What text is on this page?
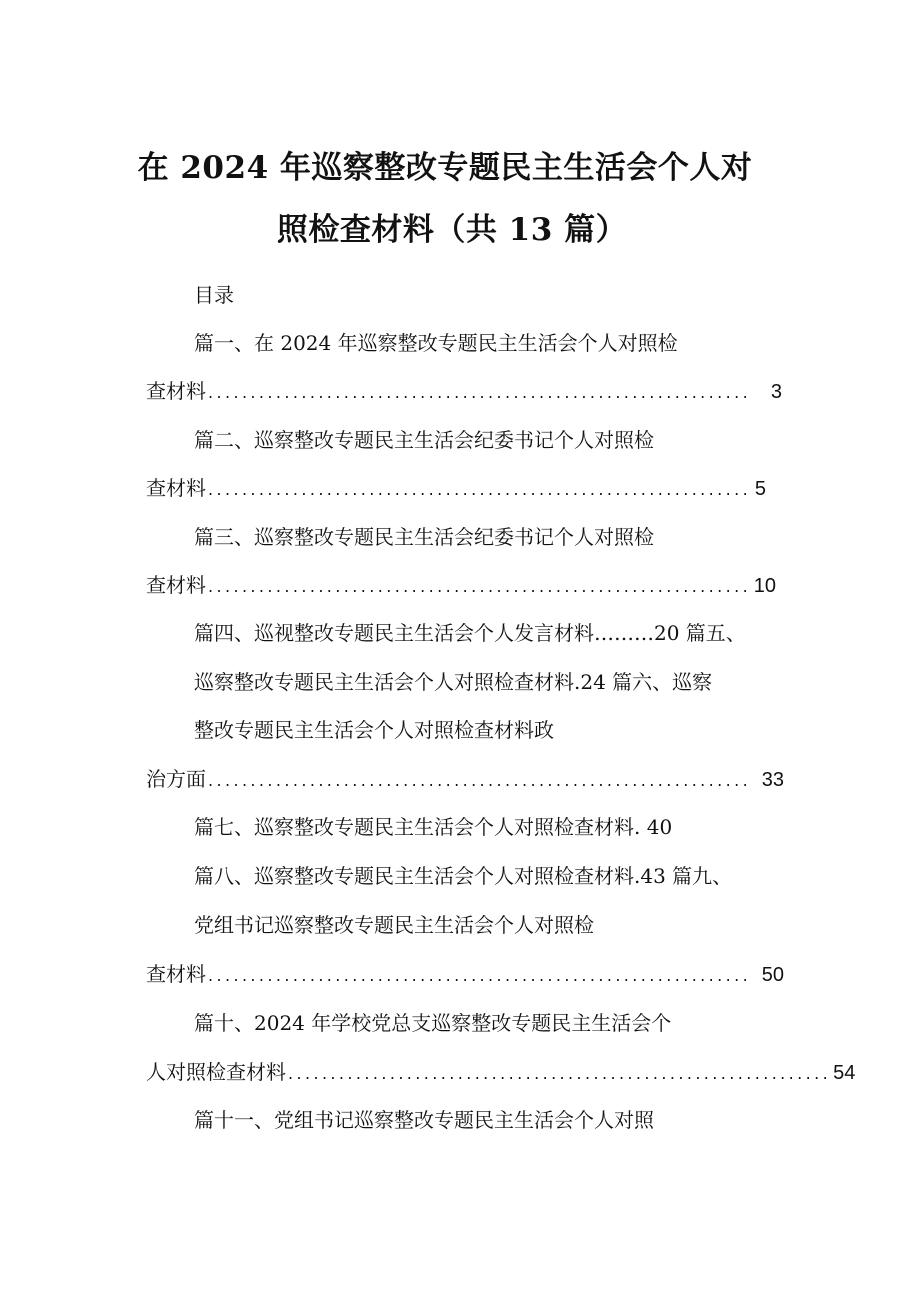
在 2024 年巡察整改专题民主生活会个人对
照检查材料（共 13 篇）
目录
篇一、在 2024 年巡察整改专题民主生活会个人对照检
查材料 ................................................................ 3
篇二、巡察整改专题民主生活会纪委书记个人对照检
查材料 ................................................................ 5
篇三、巡察整改专题民主生活会纪委书记个人对照检
查材料 ................................................................ 10
篇四、巡视整改专题民主生活会个人发言材料………20 篇五、
巡察整改专题民主生活会个人对照检查材料.24 篇六、巡察
整改专题民主生活会个人对照检查材料政
治方面 ................................................................ 33
篇七、巡察整改专题民主生活会个人对照检查材料. 40
篇八、巡察整改专题民主生活会个人对照检查材料.43 篇九、
党组书记巡察整改专题民主生活会个人对照检
查材料 ................................................................ 50
篇十、2024 年学校党总支巡察整改专题民主生活会个
人对照检查材料 ................................................................ 54
篇十一、党组书记巡察整改专题民主生活会个人对照
